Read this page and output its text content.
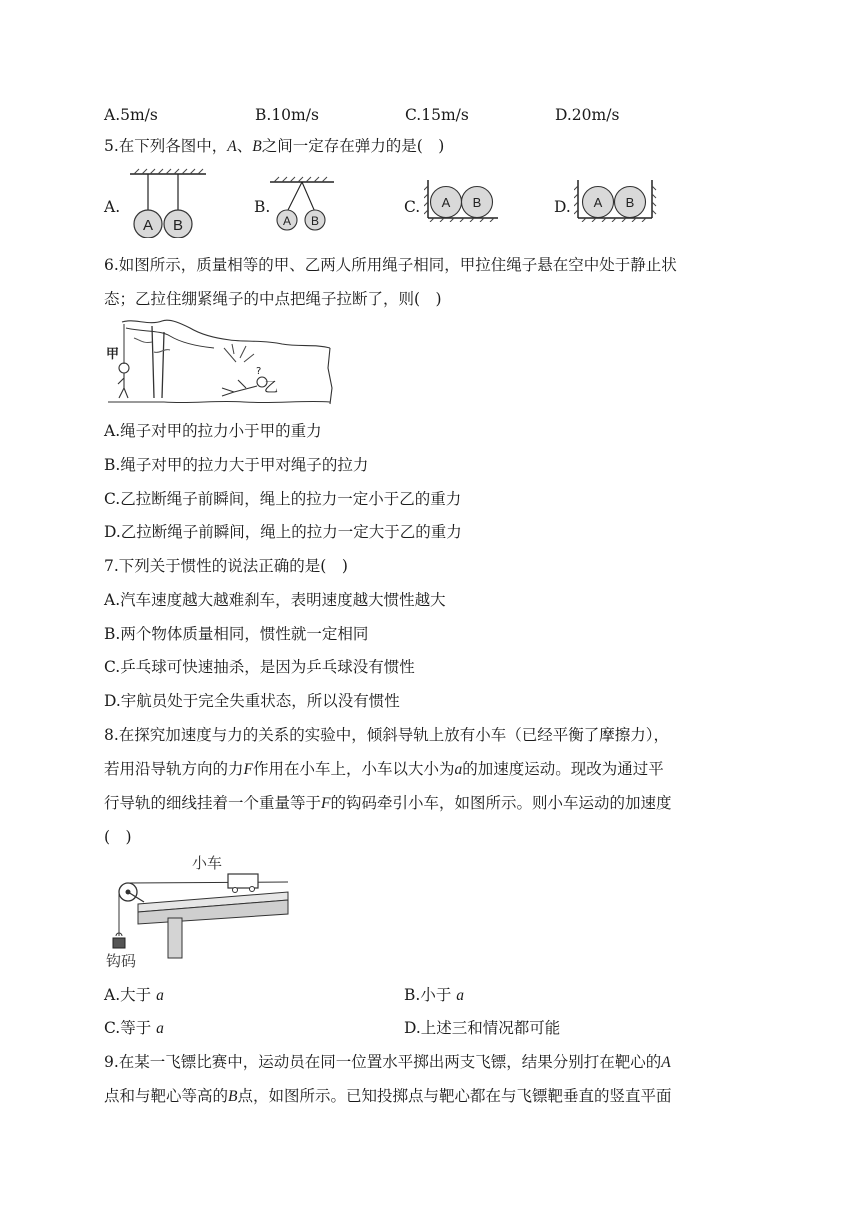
A.5m/s	B.10m/s	C.15m/s	D.20m/s
5.在下列各图中，A、B之间一定存在弹力的是(　)
A.
A B
B.
A B
C. A B	D. A B
6.如图所示，质量相等的甲、乙两人所用绳子相同，甲拉住绳子悬在空中处于静止状
态；乙拉住绷紧绳子的中点把绳子拉断了，则(　)
甲
?
乙
A.绳子对甲的拉力小于甲的重力
B.绳子对甲的拉力大于甲对绳子的拉力
C.乙拉断绳子前瞬间，绳上的拉力一定小于乙的重力
D.乙拉断绳子前瞬间，绳上的拉力一定大于乙的重力
7.下列关于惯性的说法正确的是(　)
A.汽车速度越大越难刹车，表明速度越大惯性越大
B.两个物体质量相同，惯性就一定相同
C.乒乓球可快速抽杀，是因为乒乓球没有惯性
D.宇航员处于完全失重状态，所以没有惯性
8.在探究加速度与力的关系的实验中，倾斜导轨上放有小车（已经平衡了摩擦力），
若用沿导轨方向的力F作用在小车上，小车以大小为a的加速度运动。现改为通过平
行导轨的细线挂着一个重量等于F的钩码牵引小车，如图所示。则小车运动的加速度
(　)
小车
钩码
A.大于 a	B.小于 a
C.等于 a	D.上述三和情况都可能
9.在某一飞镖比赛中，运动员在同一位置水平掷出两支飞镖，结果分别打在靶心的A
点和与靶心等高的B点，如图所示。已知投掷点与靶心都在与飞镖靶垂直的竖直平面
